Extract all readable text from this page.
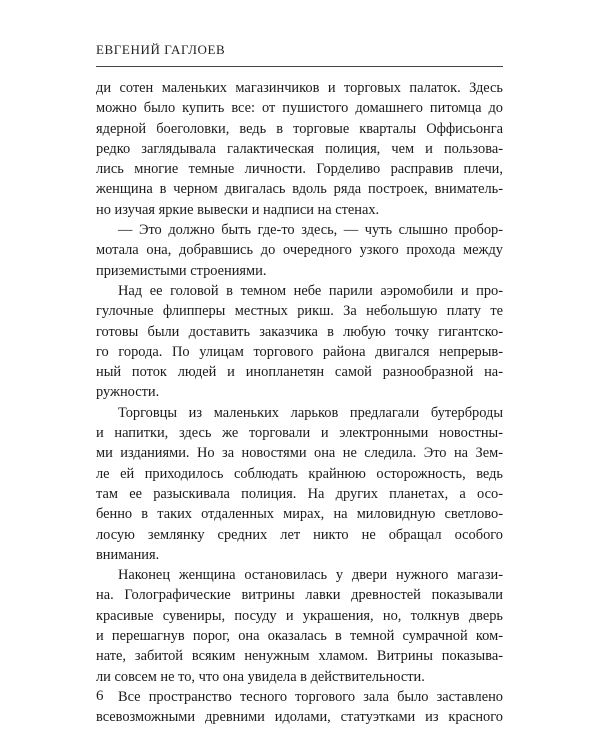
ЕВГЕНИЙ ГАГЛОЕВ
ди сотен маленьких магазинчиков и торговых палаток. Здесь
можно было купить все: от пушистого домашнего питомца до
ядерной боеголовки, ведь в торговые кварталы Оффисьонга
редко заглядывала галактическая полиция, чем и пользова-
лись многие темные личности. Горделиво расправив плечи,
женщина в черном двигалась вдоль ряда построек, вниматель-
но изучая яркие вывески и надписи на стенах.
— Это должно быть где-то здесь, — чуть слышно пробор-
мотала она, добравшись до очередного узкого прохода между
приземистыми строениями.
Над ее головой в темном небе парили аэромобили и про-
гулочные флипперы местных рикш. За небольшую плату те
готовы были доставить заказчика в любую точку гигантско-
го города. По улицам торгового района двигался непрерыв-
ный поток людей и инопланетян самой разнообразной на-
ружности.
Торговцы из маленьких ларьков предлагали бутерброды
и напитки, здесь же торговали и электронными новостны-
ми изданиями. Но за новостями она не следила. Это на Зем-
ле ей приходилось соблюдать крайнюю осторожность, ведь
там ее разыскивала полиция. На других планетах, а осо-
бенно в таких отдаленных мирах, на миловидную светлово-
лосую землянку средних лет никто не обращал особого
внимания.
Наконец женщина остановилась у двери нужного магази-
на. Голографические витрины лавки древностей показывали
красивые сувениры, посуду и украшения, но, толкнув дверь
и перешагнув порог, она оказалась в темной сумрачной ком-
нате, забитой всяким ненужным хламом. Витрины показыва-
ли совсем не то, что она увидела в действительности.
Все пространство тесного торгового зала было заставлено
всевозможными древними идолами, статуэтками из красного
6
